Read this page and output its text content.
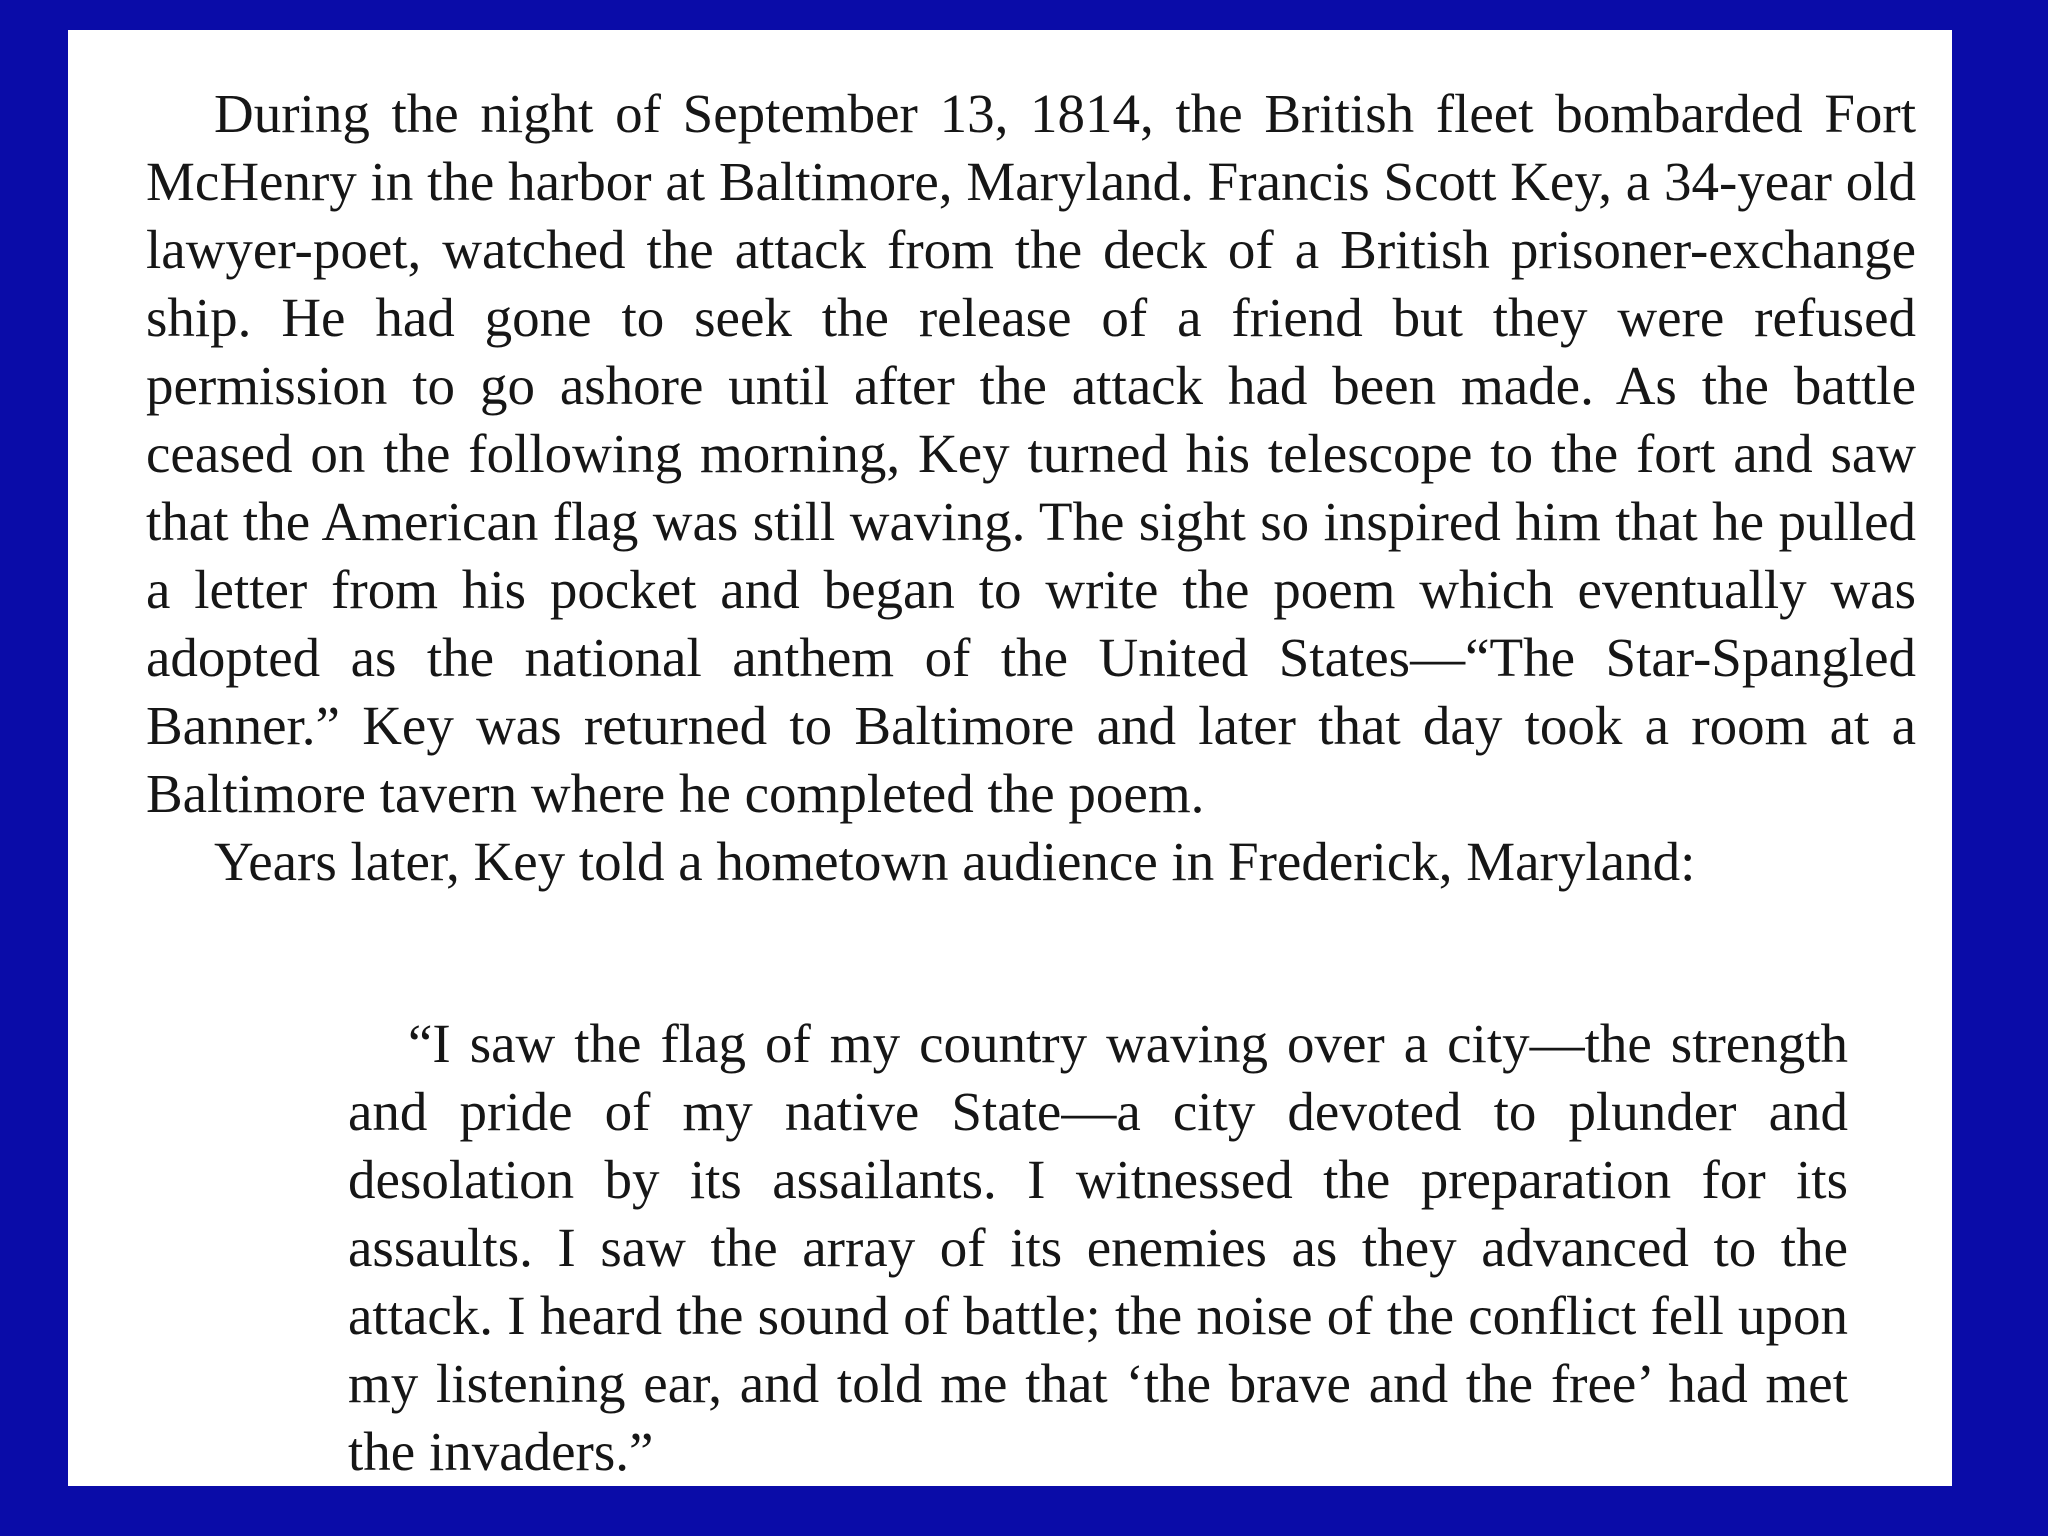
During the night of September 13, 1814, the British fleet bombarded Fort McHenry in the harbor at Baltimore, Maryland. Francis Scott Key, a 34-year old lawyer-poet, watched the attack from the deck of a British prisoner-exchange ship. He had gone to seek the release of a friend but they were refused permission to go ashore until after the attack had been made. As the battle ceased on the following morning, Key turned his telescope to the fort and saw that the American flag was still waving. The sight so inspired him that he pulled a letter from his pocket and began to write the poem which eventually was adopted as the national anthem of the United States—“The Star-Spangled Banner.” Key was returned to Baltimore and later that day took a room at a Baltimore tavern where he completed the poem.

Years later, Key told a hometown audience in Frederick, Maryland:

“I saw the flag of my country waving over a city—the strength and pride of my native State—a city devoted to plunder and desolation by its assailants. I witnessed the preparation for its assaults. I saw the array of its enemies as they advanced to the attack. I heard the sound of battle; the noise of the conflict fell upon my listening ear, and told me that ‘the brave and the free’ had met the invaders.”
